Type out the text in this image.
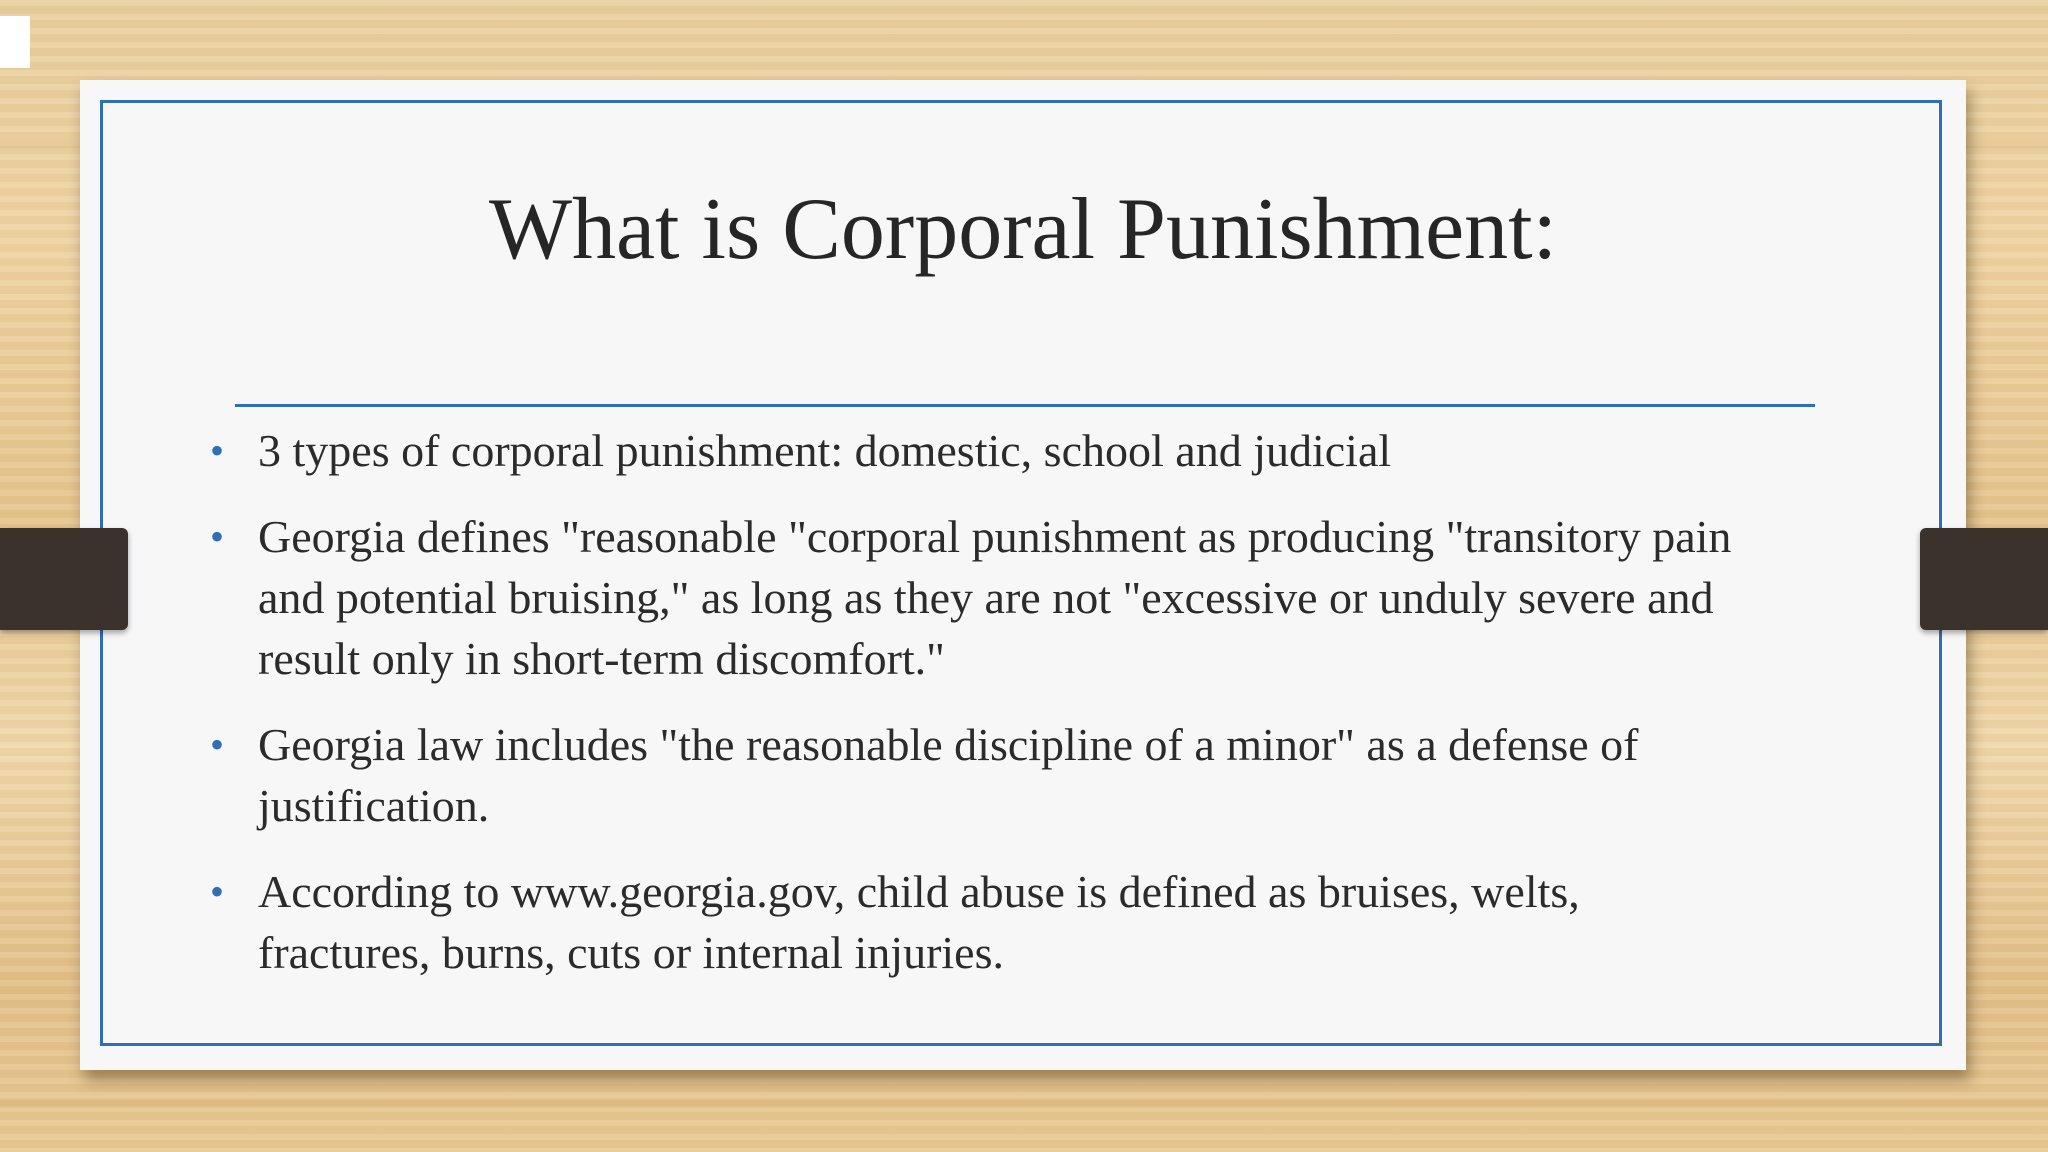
What is Corporal Punishment:
• 3 types of corporal punishment: domestic, school and judicial
• Georgia defines "reasonable "corporal punishment as producing "transitory pain and potential bruising," as long as they are not "excessive or unduly severe and result only in short-term discomfort."
• Georgia law includes "the reasonable discipline of a minor" as a defense of justification.
• According to www.georgia.gov, child abuse is defined as bruises, welts, fractures, burns, cuts or internal injuries.
